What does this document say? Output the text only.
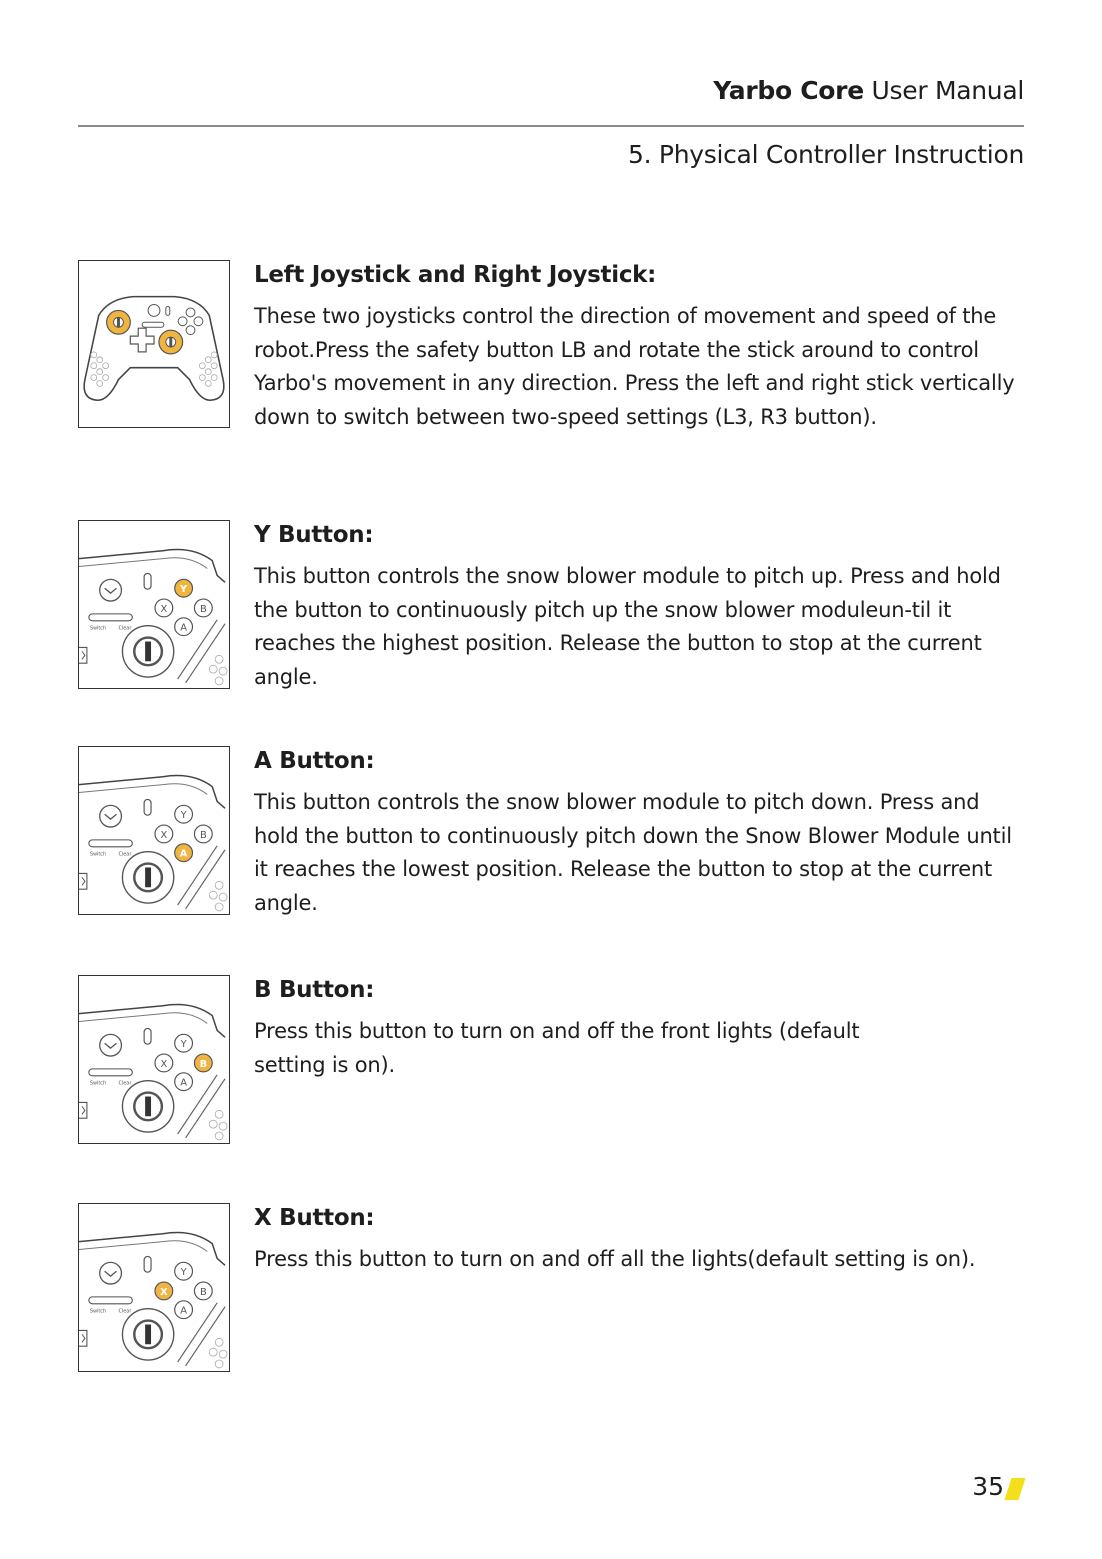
Yarbo Core User Manual
5. Physical Controller Instruction

Left Joystick and Right Joystick:

These two joysticks control the direction of movement and speed of the robot.Press the safety button LB and rotate the stick around to control Yarbo's movement in any direction. Press the left and right stick vertically down to switch between two-speed settings (L3, R3 button).

Switch Clear
Y
X	B
A

Y Button:

This button controls the snow blower module to pitch up. Press and hold the button to continuously pitch up the snow blower moduleun-til it reaches the highest position. Release the button to stop at the current angle.

Switch Clear
Y
X	B
A

A Button:

This button controls the snow blower module to pitch down. Press and hold the button to continuously pitch down the Snow Blower Module until it reaches the lowest position. Release the button to stop at the current angle.

Switch Clear
Y
X	B
A

B Button:

Press this button to turn on and off the front lights (default setting is on).

Switch Clear
Y
X	B
A

X Button:

Press this button to turn on and off all the lights(default setting is on).

35
